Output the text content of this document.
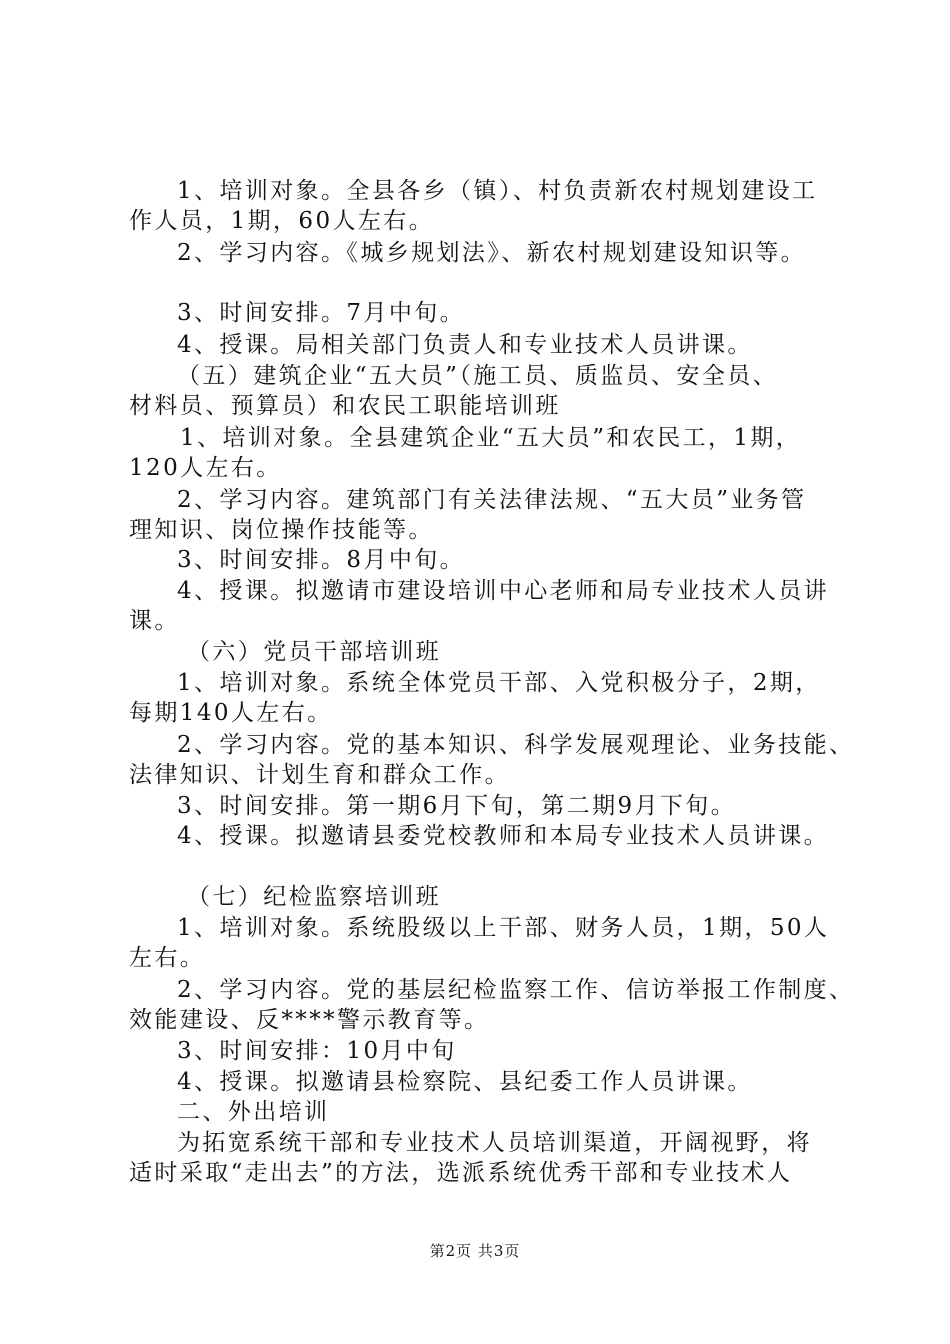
1、培训对象。全县各乡（镇）、村负责新农村规划建设工
作人员，1期，60人左右。
2、学习内容。《城乡规划法》、新农村规划建设知识等。
3、时间安排。7月中旬。
4、授课。局相关部门负责人和专业技术人员讲课。
（五）建筑企业“五大员”（施工员、质监员、安全员、
材料员、预算员）和农民工职能培训班
1、培训对象。全县建筑企业“五大员”和农民工，1期，
120人左右。
2、学习内容。建筑部门有关法律法规、“五大员”业务管
理知识、岗位操作技能等。
3、时间安排。8月中旬。
4、授课。拟邀请市建设培训中心老师和局专业技术人员讲
课。
（六）党员干部培训班
1、培训对象。系统全体党员干部、入党积极分子，2期，
每期140人左右。
2、学习内容。党的基本知识、科学发展观理论、业务技能、
法律知识、计划生育和群众工作。
3、时间安排。第一期6月下旬，第二期9月下旬。
4、授课。拟邀请县委党校教师和本局专业技术人员讲课。
（七）纪检监察培训班
1、培训对象。系统股级以上干部、财务人员，1期，50人
左右。
2、学习内容。党的基层纪检监察工作、信访举报工作制度、
效能建设、反****警示教育等。
3、时间安排：10月中旬
4、授课。拟邀请县检察院、县纪委工作人员讲课。
二、外出培训
为拓宽系统干部和专业技术人员培训渠道，开阔视野，将
适时采取“走出去”的方法，选派系统优秀干部和专业技术人
第2页 共3页
